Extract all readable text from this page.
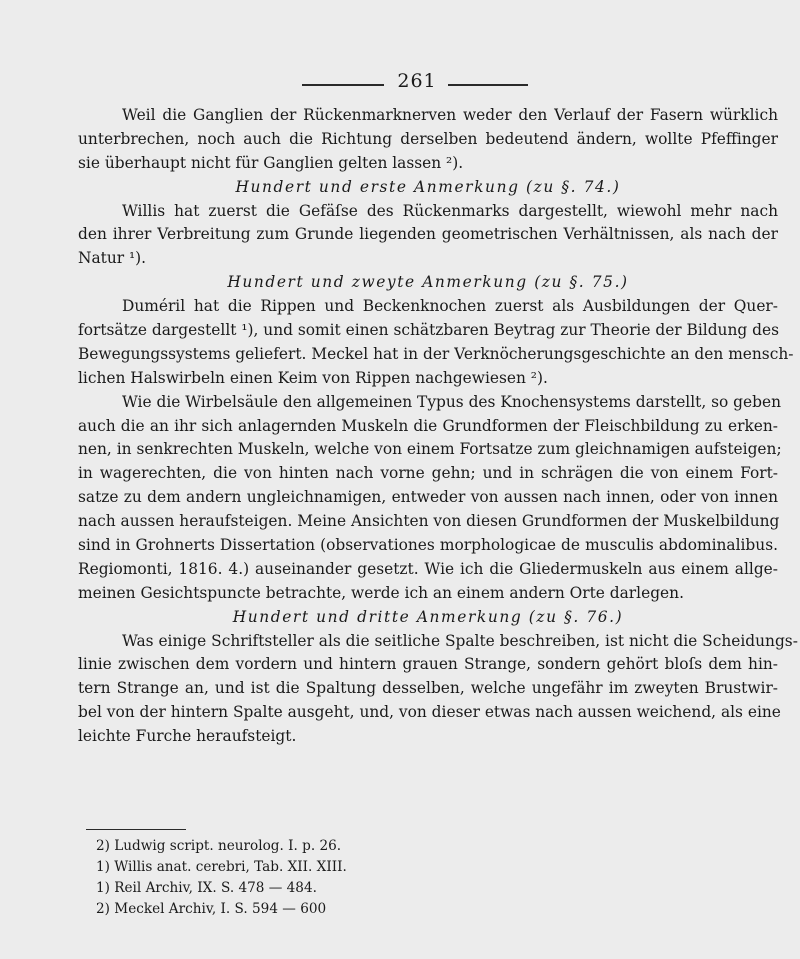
261
Weil die Ganglien der Rückenmarknerven weder den Verlauf der Fasern würklich
unterbrechen, noch auch die Richtung derselben bedeutend ändern, wollte Pfeffinger
sie überhaupt nicht für Ganglien gelten lassen ²).
Hundert und erste Anmerkung (zu §. 74.)
Willis hat zuerst die Gefäſse des Rückenmarks dargestellt, wiewohl mehr nach
den ihrer Verbreitung zum Grunde liegenden geometrischen Verhältnissen, als nach der
Natur ¹).
Hundert und zweyte Anmerkung (zu §. 75.)
Duméril hat die Rippen und Beckenknochen zuerst als Ausbildungen der Quer-
fortsätze dargestellt ¹), und somit einen schätzbaren Beytrag zur Theorie der Bildung des
Bewegungssystems geliefert. Meckel hat in der Verknöcherungsgeschichte an den mensch-
lichen Halswirbeln einen Keim von Rippen nachgewiesen ²).
Wie die Wirbelsäule den allgemeinen Typus des Knochensystems darstellt, so geben
auch die an ihr sich anlagernden Muskeln die Grundformen der Fleischbildung zu erken-
nen, in senkrechten Muskeln, welche von einem Fortsatze zum gleichnamigen aufsteigen;
in wagerechten, die von hinten nach vorne gehn; und in schrägen die von einem Fort-
satze zu dem andern ungleichnamigen, entweder von aussen nach innen, oder von innen
nach aussen heraufsteigen. Meine Ansichten von diesen Grundformen der Muskelbildung
sind in Grohnerts Dissertation (observationes morphologicae de musculis abdominalibus.
Regiomonti, 1816. 4.) auseinander gesetzt. Wie ich die Gliedermuskeln aus einem allge-
meinen Gesichtspuncte betrachte, werde ich an einem andern Orte darlegen.
Hundert und dritte Anmerkung (zu §. 76.)
Was einige Schriftsteller als die seitliche Spalte beschreiben, ist nicht die Scheidungs-
linie zwischen dem vordern und hintern grauen Strange, sondern gehört bloſs dem hin-
tern Strange an, und ist die Spaltung desselben, welche ungefähr im zweyten Brustwir-
bel von der hintern Spalte ausgeht, und, von dieser etwas nach aussen weichend, als eine
leichte Furche heraufsteigt.
2) Ludwig script. neurolog. I. p. 26.
1) Willis anat. cerebri, Tab. XII. XIII.
1) Reil Archiv, IX. S. 478 — 484.
2) Meckel Archiv, I. S. 594 — 600
